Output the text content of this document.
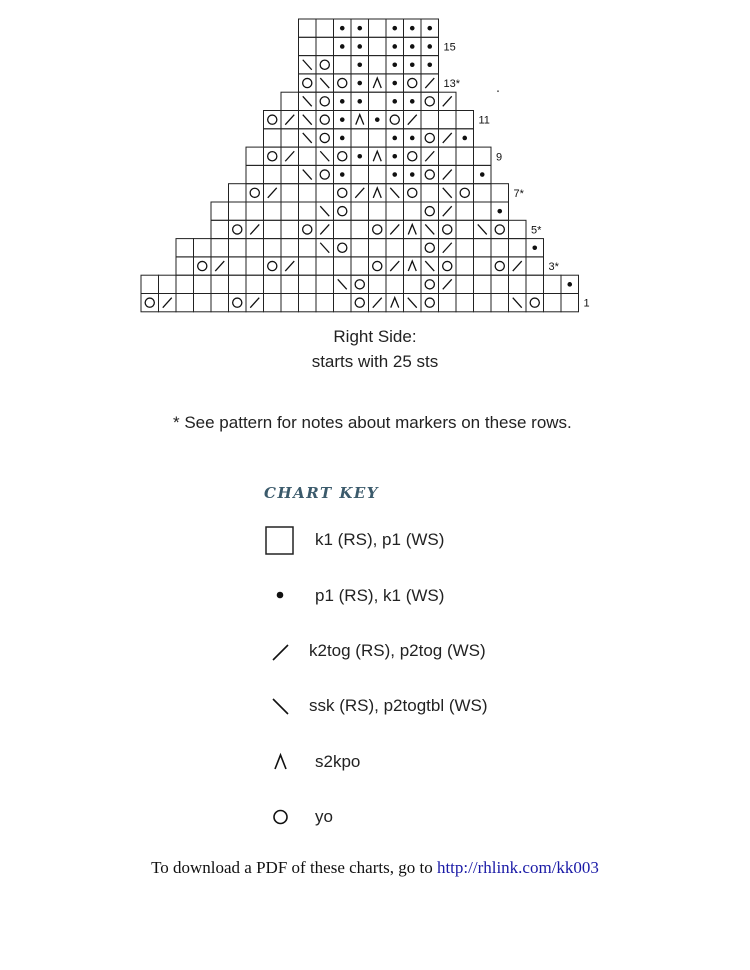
15
13*
11
9
7*
5*
3*
1
Right Side:
starts with 25 sts
* See pattern for notes about markers on these rows.
CHART KEY
k1 (RS), p1 (WS)
p1 (RS), k1 (WS)
k2tog (RS), p2tog (WS)
ssk (RS), p2togtbl (WS)
s2kpo
yo
To download a PDF of these charts, go to http://rhlink.com/kk003
